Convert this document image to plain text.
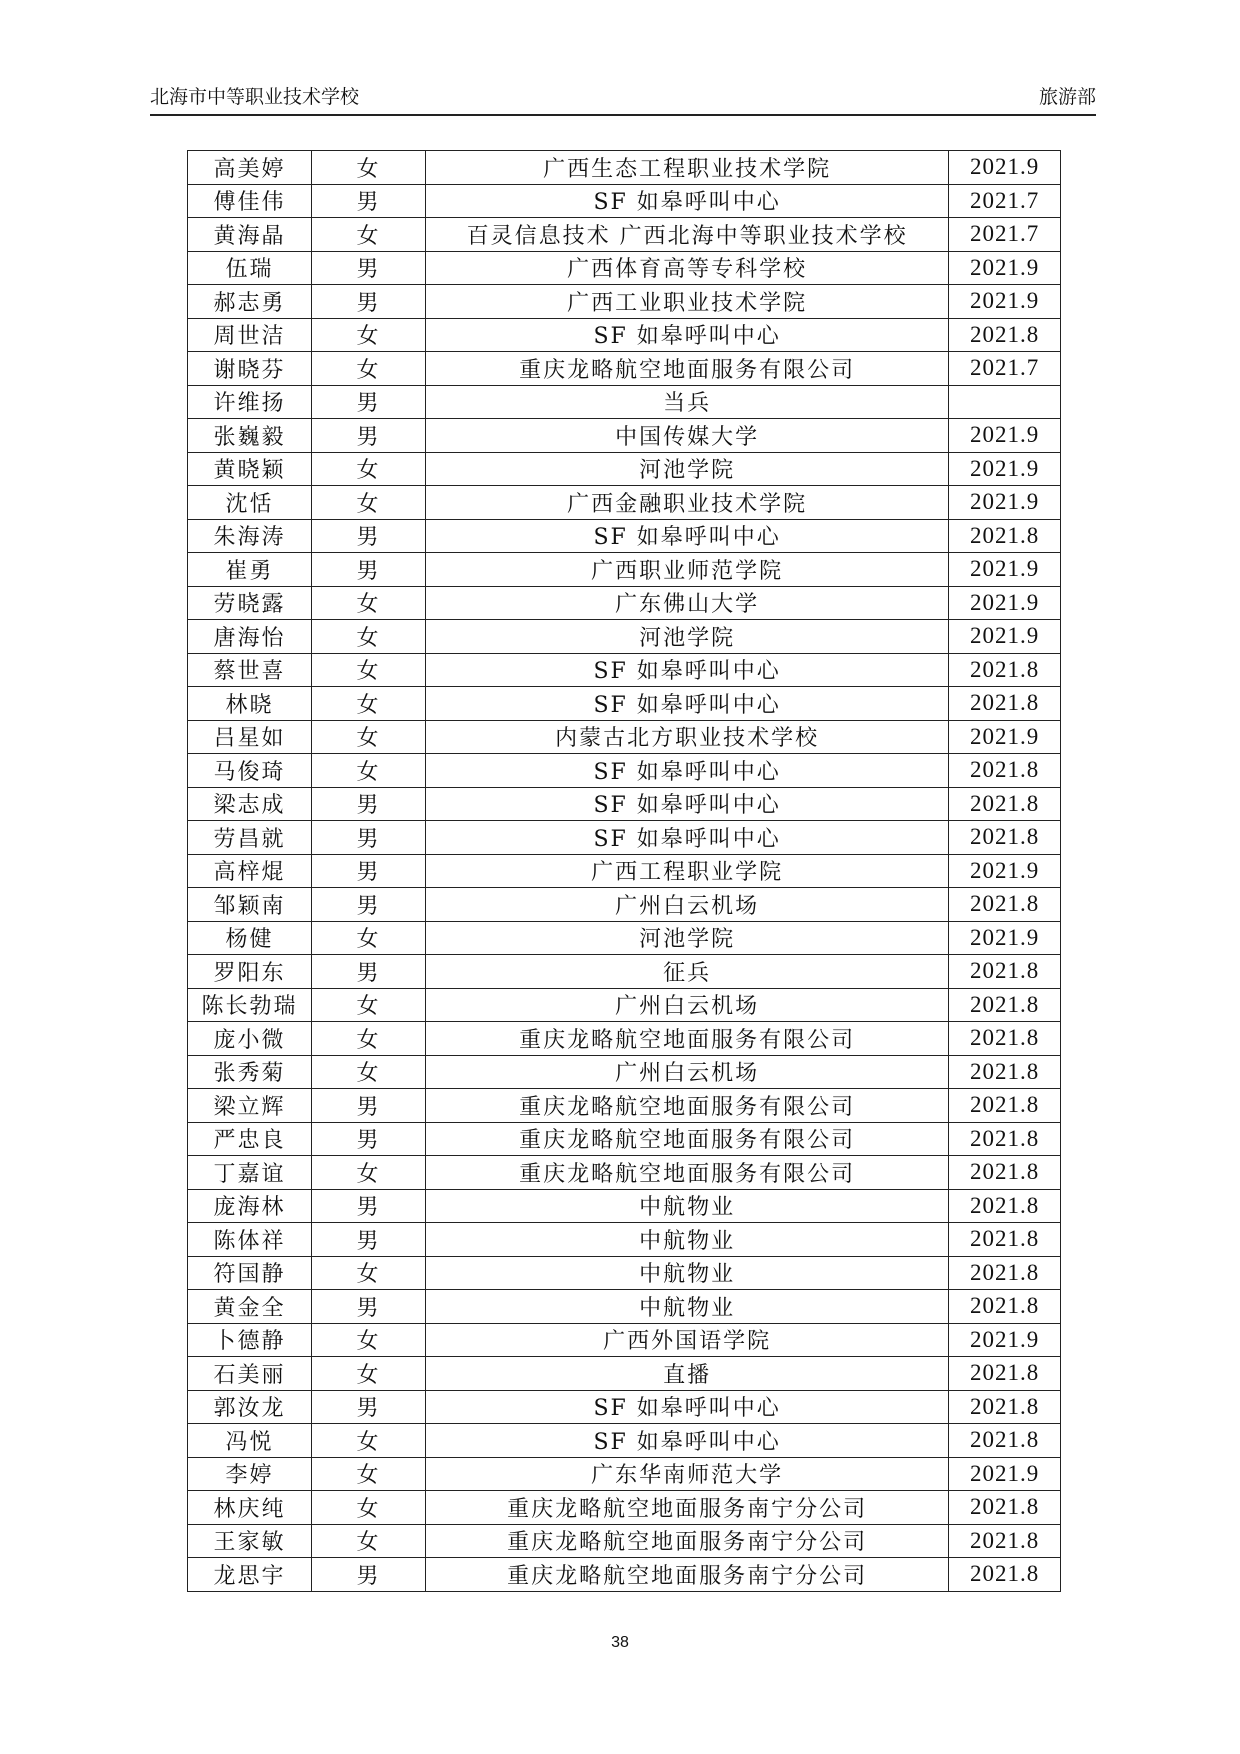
北海市中等职业技术学校	旅游部
高美婷	女	广西生态工程职业技术学院	2021.9
傅佳伟	男	SF 如皋呼叫中心	2021.7
黄海晶	女	百灵信息技术 广西北海中等职业技术学校	2021.7
伍瑞	男	广西体育高等专科学校	2021.9
郝志勇	男	广西工业职业技术学院	2021.9
周世洁	女	SF 如皋呼叫中心	2021.8
谢晓芬	女	重庆龙略航空地面服务有限公司	2021.7
许维扬	男	当兵	
张巍毅	男	中国传媒大学	2021.9
黄晓颖	女	河池学院	2021.9
沈恬	女	广西金融职业技术学院	2021.9
朱海涛	男	SF 如皋呼叫中心	2021.8
崔勇	男	广西职业师范学院	2021.9
劳晓露	女	广东佛山大学	2021.9
唐海怡	女	河池学院	2021.9
蔡世喜	女	SF 如皋呼叫中心	2021.8
林晓	女	SF 如皋呼叫中心	2021.8
吕星如	女	内蒙古北方职业技术学校	2021.9
马俊琦	女	SF 如皋呼叫中心	2021.8
梁志成	男	SF 如皋呼叫中心	2021.8
劳昌就	男	SF 如皋呼叫中心	2021.8
高梓焜	男	广西工程职业学院	2021.9
邹颖南	男	广州白云机场	2021.8
杨健	女	河池学院	2021.9
罗阳东	男	征兵	2021.8
陈长勃瑞	女	广州白云机场	2021.8
庞小微	女	重庆龙略航空地面服务有限公司	2021.8
张秀菊	女	广州白云机场	2021.8
梁立辉	男	重庆龙略航空地面服务有限公司	2021.8
严忠良	男	重庆龙略航空地面服务有限公司	2021.8
丁嘉谊	女	重庆龙略航空地面服务有限公司	2021.8
庞海林	男	中航物业	2021.8
陈体祥	男	中航物业	2021.8
符国静	女	中航物业	2021.8
黄金全	男	中航物业	2021.8
卜德静	女	广西外国语学院	2021.9
石美丽	女	直播	2021.8
郭汝龙	男	SF 如皋呼叫中心	2021.8
冯悦	女	SF 如皋呼叫中心	2021.8
李婷	女	广东华南师范大学	2021.9
林庆纯	女	重庆龙略航空地面服务南宁分公司	2021.8
王家敏	女	重庆龙略航空地面服务南宁分公司	2021.8
龙思宇	男	重庆龙略航空地面服务南宁分公司	2021.8
38
